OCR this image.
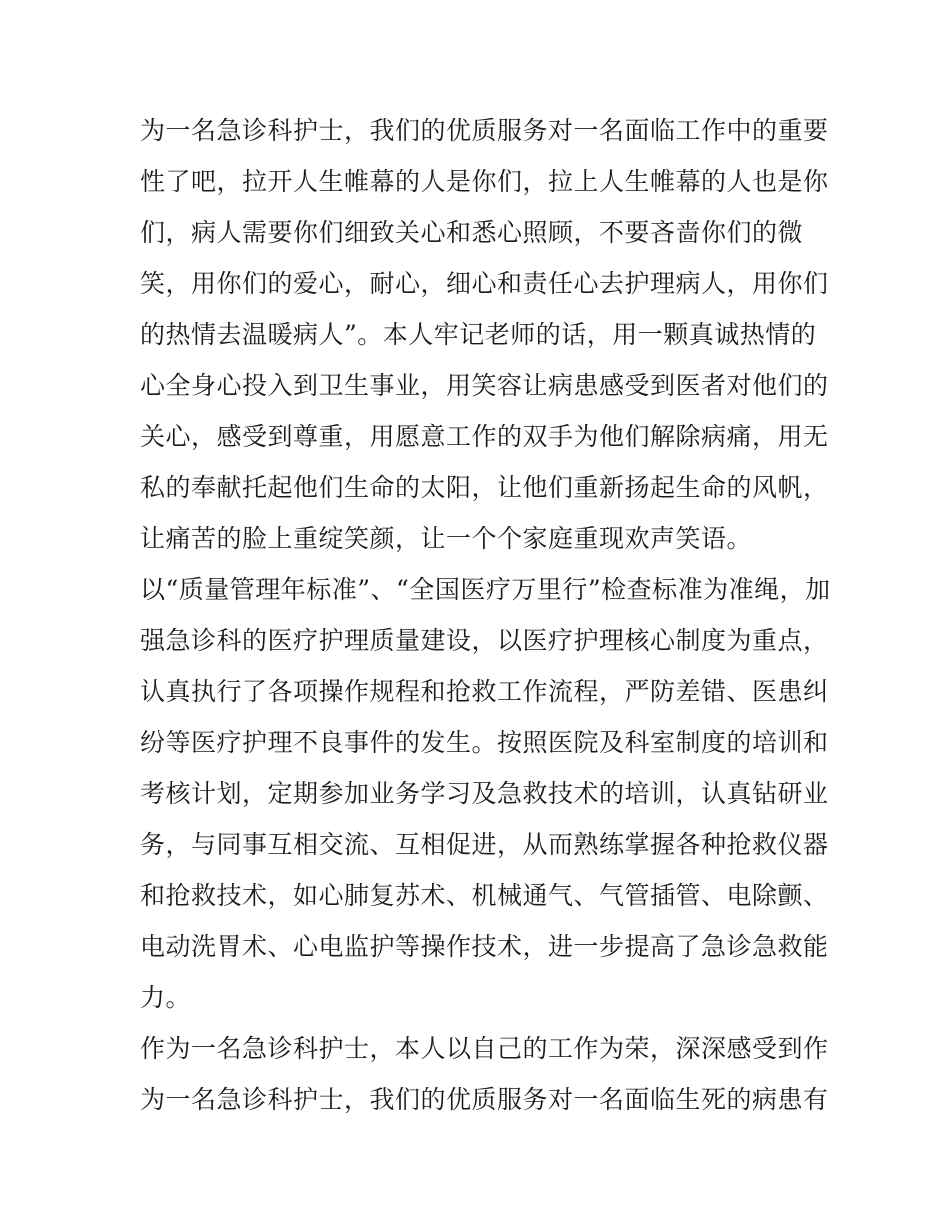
为一名急诊科护士，我们的优质服务对一名面临工作中的重要
性了吧，拉开人生帷幕的人是你们，拉上人生帷幕的人也是你
们，病人需要你们细致关心和悉心照顾，不要吝啬你们的微
笑，用你们的爱心，耐心，细心和责任心去护理病人，用你们
的热情去温暖病人”。本人牢记老师的话，用一颗真诚热情的
心全身心投入到卫生事业，用笑容让病患感受到医者对他们的
关心，感受到尊重，用愿意工作的双手为他们解除病痛，用无
私的奉献托起他们生命的太阳，让他们重新扬起生命的风帆，
让痛苦的脸上重绽笑颜，让一个个家庭重现欢声笑语。
以“质量管理年标准”、“全国医疗万里行”检查标准为准绳，加
强急诊科的医疗护理质量建设，以医疗护理核心制度为重点，
认真执行了各项操作规程和抢救工作流程，严防差错、医患纠
纷等医疗护理不良事件的发生。按照医院及科室制度的培训和
考核计划，定期参加业务学习及急救技术的培训，认真钻研业
务，与同事互相交流、互相促进，从而熟练掌握各种抢救仪器
和抢救技术，如心肺复苏术、机械通气、气管插管、电除颤、
电动洗胃术、心电监护等操作技术，进一步提高了急诊急救能
力。
作为一名急诊科护士，本人以自己的工作为荣，深深感受到作
为一名急诊科护士，我们的优质服务对一名面临生死的病患有
